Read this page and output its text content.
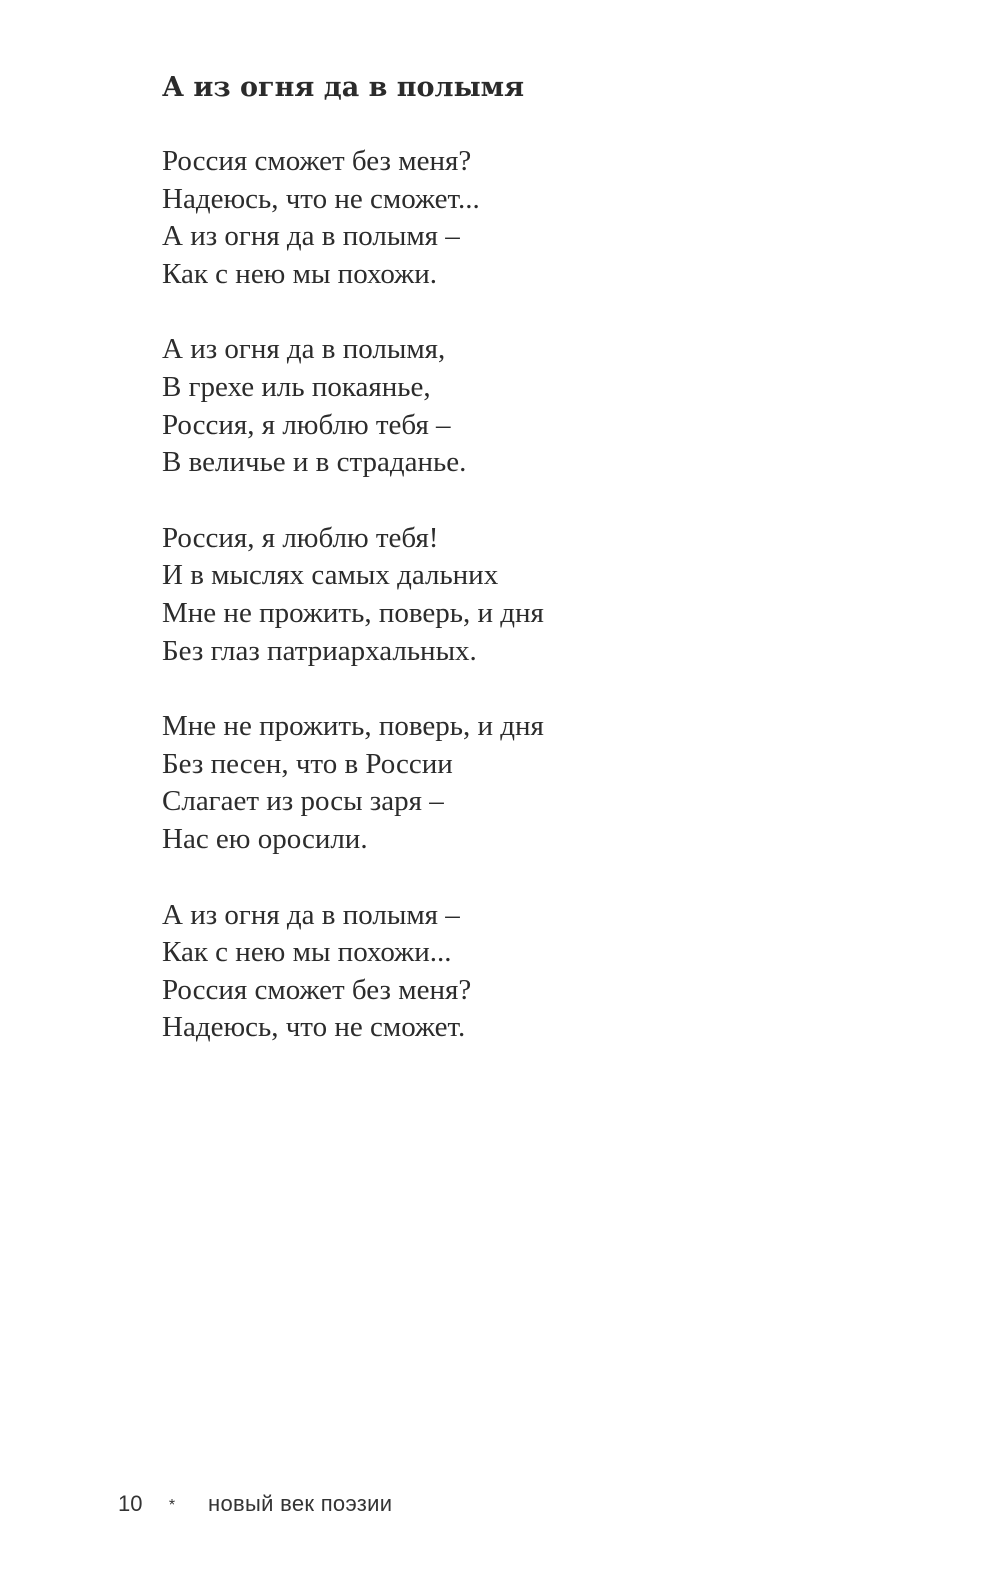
А из огня да в полымя
Россия сможет без меня?
Надеюсь, что не сможет...
А из огня да в полымя –
Как с нею мы похожи.
А из огня да в полымя,
В грехе иль покаянье,
Россия, я люблю тебя –
В величье и в страданье.
Россия, я люблю тебя!
И в мыслях самых дальних
Мне не прожить, поверь, и дня
Без глаз патриархальных.
Мне не прожить, поверь, и дня
Без песен, что в России
Слагает из росы заря –
Нас ею оросили.
А из огня да в полымя –
Как с нею мы похожи...
Россия сможет без меня?
Надеюсь, что не сможет.
10	*	новый век поэзии
